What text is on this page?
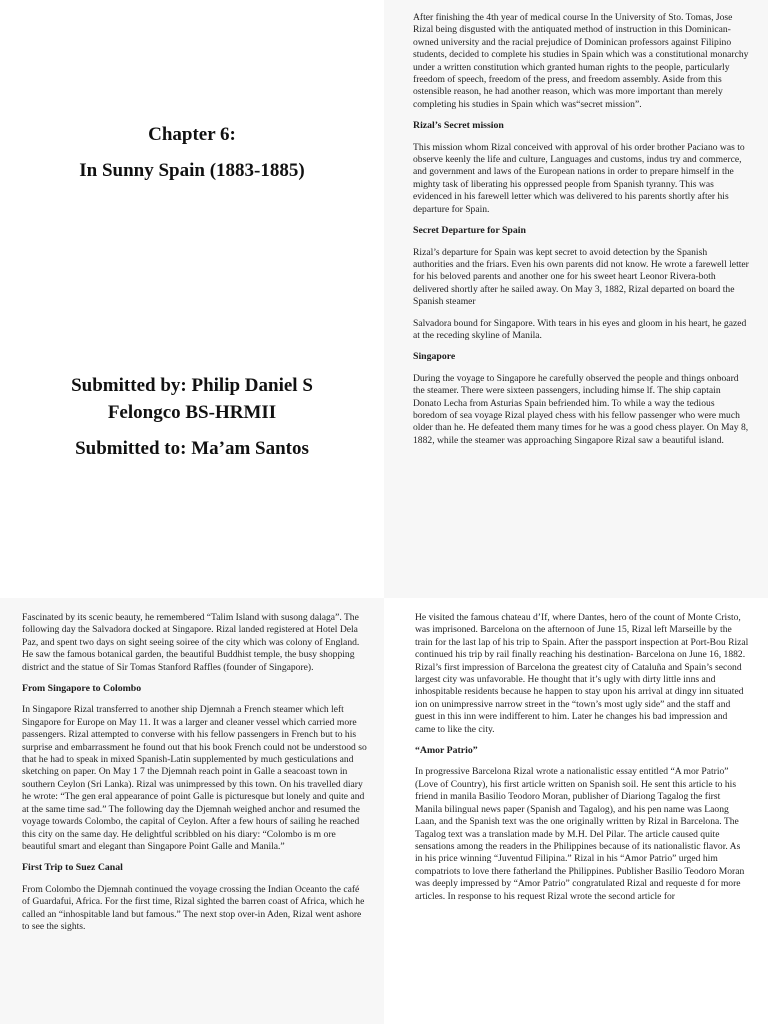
Chapter 6:
In Sunny Spain (1883-1885)
Submitted by: Philip Daniel S
Felongco BS-HRMII
Submitted to: Ma’am Santos

After finishing the 4th year of medical course In the University of Sto. Tomas, Jose Rizal being disgusted with the antiquated method of instruction in this Dominican-owned university and the racial prejudice of Dominican professors against Filipino students, decided to complete his studies in Spain which was a constitutional monarchy under a written constitution which granted human rights to the people, particularly freedom of speech, freedom of the press, and freedom assembly. Aside from this ostensible reason, he had another reason, which was more important than merely completing his studies in Spain which was“secret mission”.

Rizal’s Secret mission

This mission whom Rizal conceived with approval of his order brother Paciano was to observe keenly the life and culture, Languages and customs, indus try and commerce, and government and laws of the European nations in order to prepare himself in the mighty task of liberating his oppressed people from Spanish tyranny. This was evidenced in his farewell letter which was delivered to his parents shortly after his departure for Spain.

Secret Departure for Spain

Rizal’s departure for Spain was kept secret to avoid detection by the Spanish authorities and the friars. Even his own parents did not know. He wrote a farewell letter for his beloved parents and another one for his sweet heart Leonor Rivera-both delivered shortly after he sailed away. On May 3, 1882, Rizal departed on board the Spanish steamer

Salvadora bound for Singapore. With tears in his eyes and gloom in his heart, he gazed at the receding skyline of Manila.

Singapore

During the voyage to Singapore he carefully observed the people and things onboard the steamer. There were sixteen passengers, including himse lf. The ship captain Donato Lecha from Asturias Spain befriended him. To while a way the tedious boredom of sea voyage Rizal played chess with his fellow passenger who were much older than he. He defeated them many times for he was a good chess player. On May 8, 1882, while the steamer was approaching Singapore Rizal saw a beautiful island.

Fascinated by its scenic beauty, he remembered “Talim Island with susong dalaga”. The following day the Salvadora docked at Singapore. Rizal landed registered at Hotel Dela Paz, and spent two days on sight seeing soiree of the city which was colony of England. He saw the famous botanical garden, the beautiful Buddhist temple, the busy shopping district and the statue of Sir Tomas Stanford Raffles (founder of Singapore).

From Singapore to Colombo

In Singapore Rizal transferred to another ship Djemnah a French steamer which left Singapore for Europe on May 11. It was a larger and cleaner vessel which carried more passengers. Rizal attempted to converse with his fellow passengers in French but to his surprise and embarrassment he found out that his book French could not be understood so that he had to speak in mixed Spanish-Latin supplemented by much gesticulations and sketching on paper. On May 1 7 the Djemnah reach point in Galle a seacoast town in southern Ceylon (Sri Lanka). Rizal was unimpressed by this town. On his travelled diary he wrote: “The gen eral appearance of point Galle is picturesque but lonely and quite and at the same time sad.” The following day the Djemnah weighed anchor and resumed the voyage towards Colombo, the capital of Ceylon. After a few hours of sailing he reached this city on the same day. He delightful scribbled on his diary: “Colombo is m ore beautiful smart and elegant than Singapore Point Galle and Manila.”

First Trip to Suez Canal

From Colombo the Djemnah continued the voyage crossing the Indian Oceanto the café of Guardafui, Africa. For the first time, Rizal sighted the barren coast of Africa, which he called an “inhospitable land but famous.” The next stop over-in Aden, Rizal went ashore to see the sights.

He visited the famous chateau d’If, where Dantes, hero of the count of Monte Cristo, was imprisoned. Barcelona on the afternoon of June 15, Rizal left Marseille by the train for the last lap of his trip to Spain. After the passport inspection at Port-Bou Rizal continued his trip by rail finally reaching his destination- Barcelona on June 16, 1882. Rizal’s first impression of Barcelona the greatest city of Cataluña and Spain’s second largest city was unfavorable. He thought that it’s ugly with dirty little inns and inhospitable residents because he happen to stay upon his arrival at dingy inn situated ion on unimpressive narrow street in the “town’s most ugly side” and the staff and guest in this inn were indifferent to him. Later he changes his bad impression and came to like the city.

“Amor Patrio”

In progressive Barcelona Rizal wrote a nationalistic essay entitled “A mor Patrio” (Love of Country), his first article written on Spanish soil. He sent this article to his friend in manila Basilio Teodoro Moran, publisher of Diariong Tagalog the first Manila bilingual news paper (Spanish and Tagalog), and his pen name was Laong Laan, and the Spanish text was the one originally written by Rizal in Barcelona. The Tagalog text was a translation made by M.H. Del Pilar. The article caused quite sensations among the readers in the Philippines because of its nationalistic flavor. As in his price winning “Juventud Filipina.” Rizal in his “Amor Patrio” urged him compatriots to love there fatherland the Philippines. Publisher Basilio Teodoro Moran was deeply impressed by “Amor Patrio” congratulated Rizal and requeste d for more articles. In response to his request Rizal wrote the second article for
